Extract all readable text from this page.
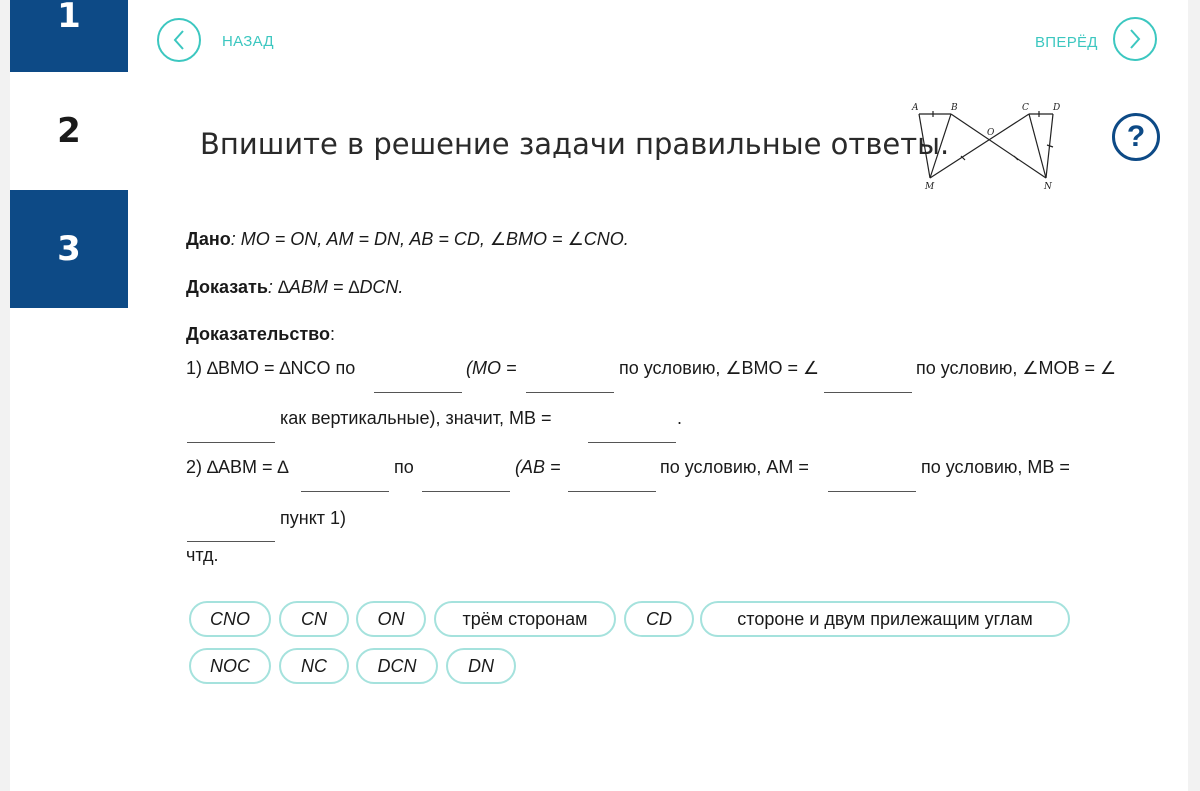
1
2
3
НАЗАД	ВПЕРЁД
Впишите в решение задачи правильные ответы.
A	B	C	D
O
M	N
?
Дано: MO = ON, AM = DN, AB = CD, ∠BMO = ∠CNO.
Доказать: ∆ABM = ∆DCN.
Доказательство:
1) ∆BMO = ∆NCO по	(MO =	по условию, ∠BMO = ∠	по условию, ∠MOB = ∠
как вертикальные), значит, MB =	.
2) ∆ABM = ∆	по	(AB =	по условию, AM =	по условию, MB =
пункт 1)
чтд.
CNO	CN	ON	трём сторонам	CD	стороне и двум прилежащим углам
NOC	NC	DCN	DN
